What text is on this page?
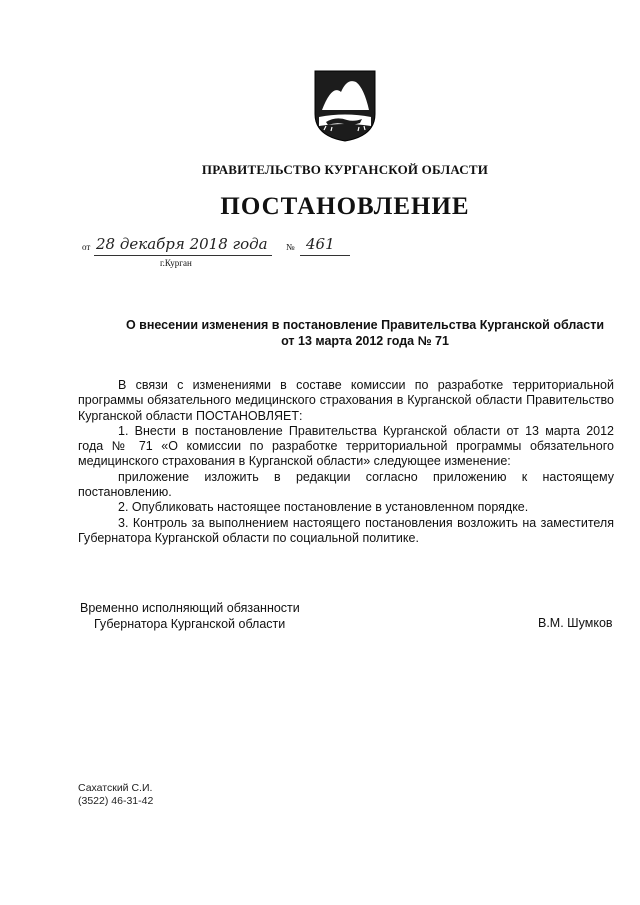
ПРАВИТЕЛЬСТВО КУРГАНСКОЙ ОБЛАСТИ
ПОСТАНОВЛЕНИЕ
от 28 декабря 2018 года № 461
г.Курган
О внесении изменения в постановление Правительства Курганской области
от 13 марта 2012 года № 71

В связи с изменениями в составе комиссии по разработке территориальной программы обязательного медицинского страхования в Курганской области Правительство Курганской области ПОСТАНОВЛЯЕТ:

1. Внести в постановление Правительства Курганской области от 13 марта 2012 года № 71 «О комиссии по разработке территориальной программы обязательного медицинского страхования в Курганской области» следующее изменение:

приложение изложить в редакции согласно приложению к настоящему постановлению.

2. Опубликовать настоящее постановление в установленном порядке.

3. Контроль за выполнением настоящего постановления возложить на заместителя Губернатора Курганской области по социальной политике.

Временно исполняющий обязанности
Губернатора Курганской области	В.М. Шумков
Сахатский С.И.
(3522) 46-31-42
